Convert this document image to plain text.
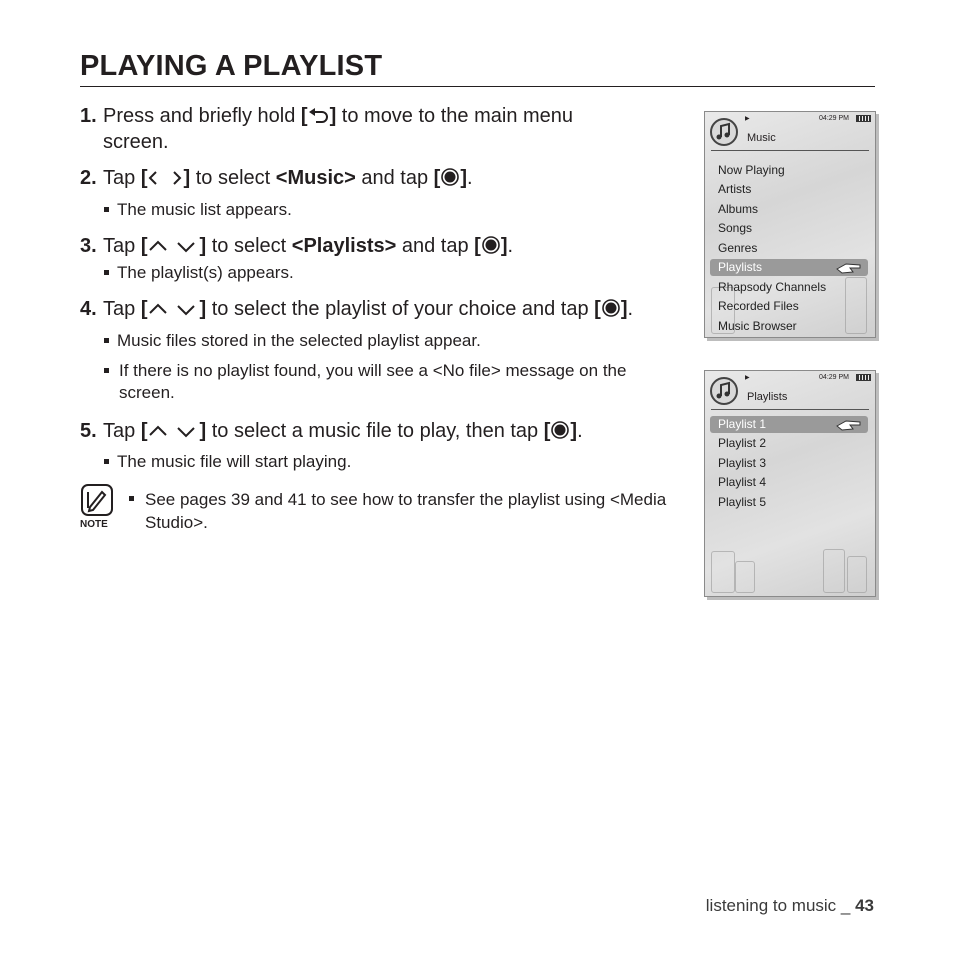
PLAYING A PLAYLIST
1. Press and briefly hold [ ] to move to the main menu
screen.
2. Tap [ ] to select <Music> and tap [ ].
The music list appears.
3. Tap [	] to select <Playlists> and tap [ ].
The playlist(s) appears.
4. Tap [	] to select the playlist of your choice and tap [ ].
Music files stored in the selected playlist appear.
If there is no playlist found, you will see a <No file> message on the screen.
5. Tap [	] to select a music file to play, then tap [ ].
The music file will start playing.
NOTE
See pages 39 and 41 to see how to transfer the playlist using <Media Studio>.
▶	04:29 PM
Music
Now Playing
Artists
Albums
Songs
Genres
Playlists
Rhapsody Channels
Recorded Files
Music Browser
▶	04:29 PM
Playlists
Playlist 1
Playlist 2
Playlist 3
Playlist 4
Playlist 5
listening to music _ 43
